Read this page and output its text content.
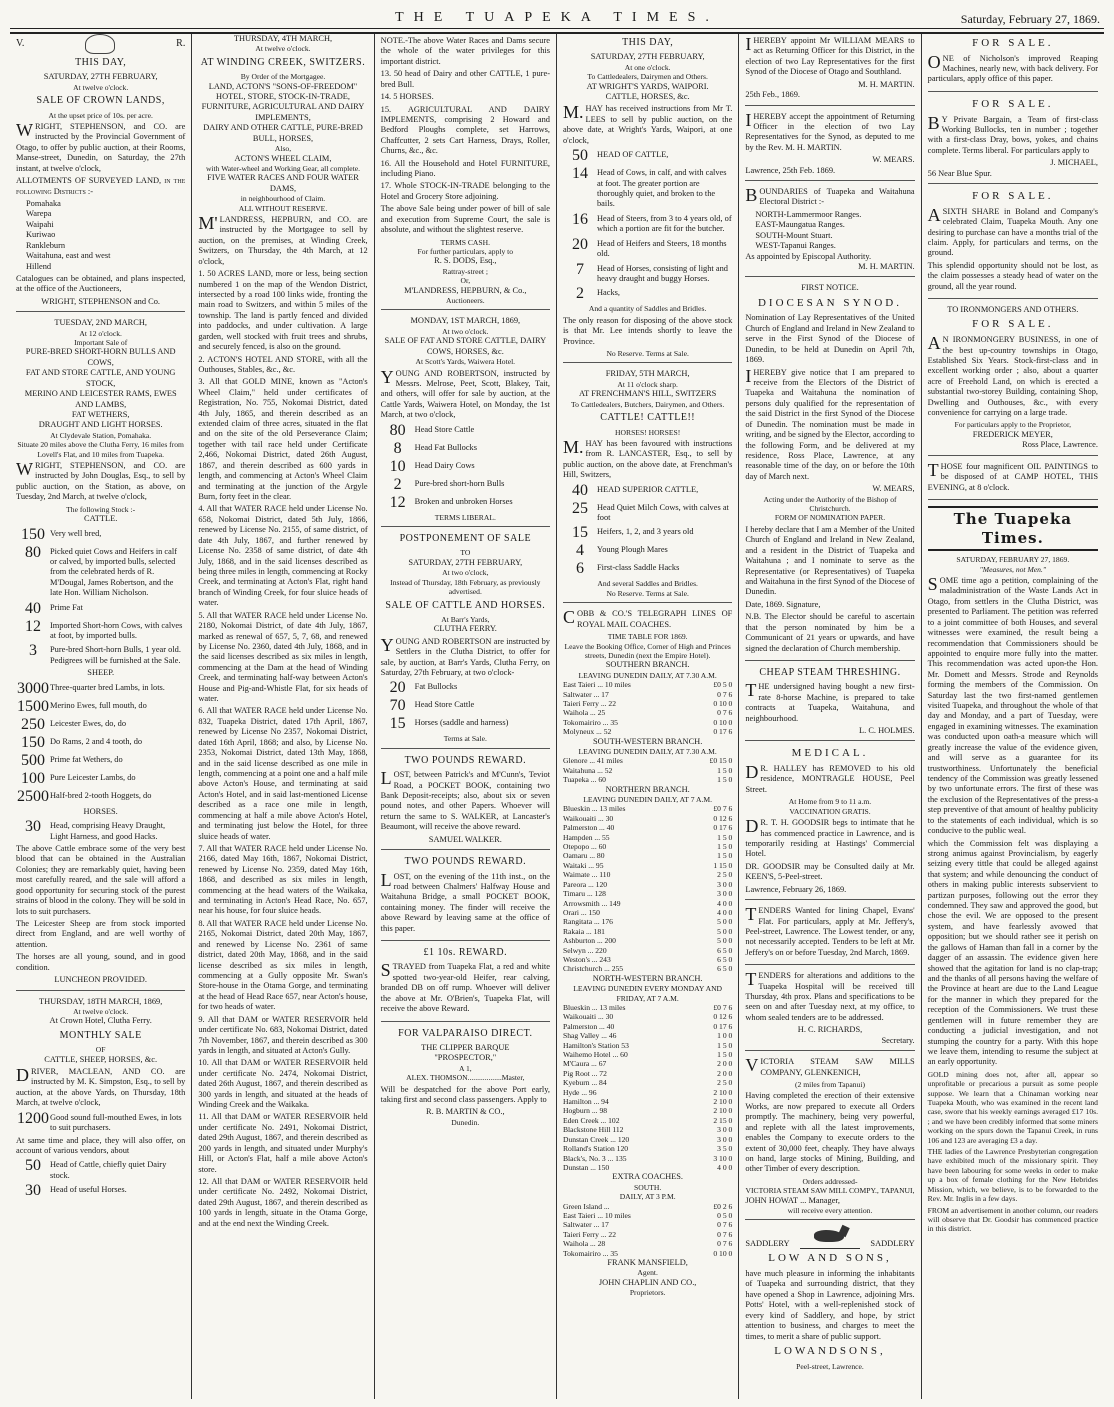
THE TUAPEKA TIMES.	Saturday, February 27, 1869.
V.	R.
THIS DAY,
SATURDAY, 27TH FEBRUARY,
At twelve o'clock.
SALE OF CROWN LANDS,
At the upset price of 10s. per acre.

WRIGHT, STEPHENSON, and CO. are instructed by the Provincial Government of Otago, to offer by public auction, at their Rooms, Manse-street, Dunedin, on Saturday, the 27th instant, at twelve o'clock,

ALLOTMENTS OF SURVEYED LAND, in the following Districts :-

Pomahaka
Warepa
Waipahi
Kuriwao
Rankleburn
Waitahuna, east and west
Hillend

Catalogues can be obtained, and plans inspected, at the office of the Auctioneers,

WRIGHT, STEPHENSON and Co.
TUESDAY, 2ND MARCH,
At 12 o'clock.
Important Sale of
PURE-BRED SHORT-HORN BULLS AND COWS,
FAT AND STORE CATTLE, AND YOUNG STOCK,
MERINO AND LEICESTER RAMS, EWES AND LAMBS,
FAT WETHERS,
DRAUGHT AND LIGHT HORSES.
At Clydevale Station, Pomahaka.
Situate 20 miles above the Clutha Ferry, 16 miles from Lovell's Flat, and 10 miles from Tuapeka.

WRIGHT, STEPHENSON, and CO. are instructed by John Douglas, Esq., to sell by public auction, on the Station, as above, on Tuesday, 2nd March, at twelve o'clock,

The following Stock :-
CATTLE.
150 Very well bred,
80	Picked quiet Cows and Heifers in calf or calved, by imported bulls, selected from the celebrated herds of R. M'Dougal, James Robertson, and the late Hon. William Nicholson.
40	Prime Fat
12	Imported Short-horn Cows, with calves at foot, by imported bulls.
3	Pure-bred Short-horn Bulls, 1 year old. Pedigrees will be furnished at the Sale.
SHEEP.
3000 Three-quarter bred Lambs, in lots.
1500 Merino Ewes, full mouth, do
250 Leicester Ewes, do, do
150 Do Rams, 2 and 4 tooth, do
500 Prime fat Wethers, do
100 Pure Leicester Lambs, do
2500 Half-bred 2-tooth Hoggets, do
HORSES.
30	Head, comprising Heavy Draught, Light Harness, and good Hacks.

The above Cattle embrace some of the very best blood that can be obtained in the Australian Colonies; they are remarkably quiet, having been most carefully reared, and the sale will afford a good opportunity for securing stock of the purest strains of blood in the colony. They will be sold in lots to suit purchasers.

The Leicester Sheep are from stock imported direct from England, and are well worthy of attention.

The horses are all young, sound, and in good condition.

LUNCHEON PROVIDED.
THURSDAY, 18TH MARCH, 1869,
At twelve o'clock.
At Crown Hotel, Clutha Ferry.
MONTHLY SALE
OF
CATTLE, SHEEP, HORSES, &c.

DRIVER, MACLEAN, AND CO. are instructed by M. K. Simpston, Esq., to sell by auction, at the above Yards, on Thursday, 18th March, at twelve o'clock,

1200 Good sound full-mouthed Ewes, in lots to suit purchasers.

At same time and place, they will also offer, on account of various vendors, about

50	Head of Cattle, chiefly quiet Dairy stock.
30	Head of useful Horses.
THURSDAY, 4TH MARCH,
At twelve o'clock.
AT WINDING CREEK, SWITZERS.
By Order of the Mortgagee.
LAND, ACTON'S "SONS-OF-FREEDOM" HOTEL, STORE, STOCK-IN-TRADE, FURNITURE, AGRICULTURAL AND DAIRY IMPLEMENTS,
DAIRY AND OTHER CATTLE, PURE-BRED BULL, HORSES,
Also,
ACTON'S WHEEL CLAIM,
with Water-wheel and Working Gear, all complete.
FIVE WATER RACES AND FOUR WATER DAMS,
in neighbourhood of Claim.
ALL WITHOUT RESERVE.

M'LANDRESS, HEPBURN, and CO. are instructed by the Mortgagee to sell by auction, on the premises, at Winding Creek, Switzers, on Thursday, the 4th March, at 12 o'clock,

1. 50 ACRES LAND, more or less, being section numbered 1 on the map of the Wendon District, intersected by a road 100 links wide, fronting the main road to Switzers, and within 5 miles of the township. The land is partly fenced and divided into paddocks, and under cultivation. A large garden, well stocked with fruit trees and shrubs, and securely fenced, is also on the ground.

2. ACTON'S HOTEL AND STORE, with all the Outhouses, Stables, &c., &c.

3. All that GOLD MINE, known as "Acton's Wheel Claim," held under certificates of Registration, No. 755, Nokomai District, dated 4th July, 1865, and therein described as an extended claim of three acres, situated in the flat and on the site of the old Perseverance Claim; together with tail race held under Certificate 2,466, Nokomai District, dated 26th August, 1867, and therein described as 600 yards in length, and commencing at Acton's Wheel Claim and terminating at the junction of the Argyle Burn, forty feet in the clear.

4. All that WATER RACE held under License No. 658, Nokomai District, dated 5th July, 1866, renewed by License No. 2155, of same district, of date 4th July, 1867, and further renewed by License No. 2358 of same district, of date 4th July, 1868, and in the said licenses described as being three miles in length, commencing at Rocky Creek, and terminating at Acton's Flat, right hand branch of Winding Creek, for four sluice heads of water.

5. All that WATER RACE held under License No. 2180, Nokomai District, of date 4th July, 1867, marked as renewal of 657, 5, 7, 68, and renewed by License No. 2360, dated 4th July, 1868, and in the said licenses described as six miles in length, commencing at the Dam at the head of Winding Creek, and terminating half-way between Acton's House and Pig-and-Whistle Flat, for six heads of water.

6. All that WATER RACE held under License No. 832, Tuapeka District, dated 17th April, 1867, renewed by License No 2357, Nokomai District, dated 16th April, 1868; and also, by License No. 2353, Nokomai District, dated 13th May, 1868, and in the said license described as one mile in length, commencing at a point one and a half mile above Acton's House, and terminating at said Acton's Hotel, and in said last-mentioned License described as a race one mile in length, commencing at half a mile above Acton's Hotel, and terminating just below the Hotel, for three sluice heads of water.

7. All that WATER RACE held under License No. 2166, dated May 16th, 1867, Nokomai District, renewed by License No. 2359, dated May 16th, 1868, and described as six miles in length, commencing at the head waters of the Waikaka, and terminating in Acton's Head Race, No. 657, near his house, for four sluice heads.

8. All that WATER RACE held under License No. 2165, Nokomai District, dated 20th May, 1867, and renewed by License No. 2361 of same district, dated 20th May, 1868, and in the said license described as six miles in length, commencing at a Gully opposite Mr. Swan's Store-house in the Otama Gorge, and terminating at the head of Head Race 657, near Acton's house, for two heads of water.

9. All that DAM or WATER RESERVOIR held under certificate No. 683, Nokomai District, dated 7th November, 1867, and therein described as 300 yards in length, and situated at Acton's Gully.

10. All that DAM or WATER RESERVOIR held under certificate No. 2474, Nokomai District, dated 26th August, 1867, and therein described as 300 yards in length, and situated at the heads of Winding Creek and the Waikaka.

11. All that DAM or WATER RESERVOIR held under certificate No. 2491, Nokomai District, dated 29th August, 1867, and therein described as 200 yards in length, and situated under Murphy's Hill, or Acton's Flat, half a mile above Acton's store.

12. All that DAM or WATER RESERVOIR held under certificate No. 2492, Nokomai District, dated 29th August, 1867, and therein described as 100 yards in length, situate in the Otama Gorge, and at the end next the Winding Creek.

NOTE.-The above Water Races and Dams secure the whole of the water privileges for this important district.

13. 50 head of Dairy and other CATTLE, 1 pure-bred Bull.

14. 5 HORSES.

15. AGRICULTURAL AND DAIRY IMPLEMENTS, comprising 2 Howard and Bedford Ploughs complete, set Harrows, Chaffcutter, 2 sets Cart Harness, Drays, Roller, Churns, &c., &c.

16. All the Household and Hotel FURNITURE, including Piano.

17. Whole STOCK-IN-TRADE belonging to the Hotel and Grocery Store adjoining.

The above Sale being under power of bill of sale and execution from Supreme Court, the sale is absolute, and without the slightest reserve.

TERMS CASH.
For further particulars, apply to
R. S. DODS, Esq.,
Rattray-street ;
Or,
M'LANDRESS, HEPBURN, & Co.,
Auctioneers.
MONDAY, 1ST MARCH, 1869,
At two o'clock.
SALE OF FAT AND STORE CATTLE, DAIRY COWS, HORSES, &c.
At Scott's Yards, Waiwera Hotel.

YOUNG AND ROBERTSON, instructed by Messrs. Melrose, Peet, Scott, Blakey, Tait, and others, will offer for sale by auction, at the Cattle Yards, Waiwera Hotel, on Monday, the 1st March, at two o'clock,

80	Head Store Cattle
8	Head Fat Bullocks
10	Head Dairy Cows
2	Pure-bred short-horn Bulls
12	Broken and unbroken Horses
TERMS LIBERAL.
POSTPONEMENT OF SALE
TO
SATURDAY, 27TH FEBRUARY,
At two o'clock,
Instead of Thursday, 18th February, as previously advertised.
SALE OF CATTLE AND HORSES.
At Barr's Yards,
CLUTHA FERRY.

YOUNG AND ROBERTSON are instructed by Settlers in the Clutha District, to offer for sale, by auction, at Barr's Yards, Clutha Ferry, on Saturday, 27th February, at two o'clock-

20	Fat Bullocks
70	Head Store Cattle
15	Horses (saddle and harness)
Terms at Sale.
TWO POUNDS REWARD.

LOST, between Patrick's and M'Cunn's, Teviot Road, a POCKET BOOK, containing two Bank Deposit-receipts; also, about six or seven pound notes, and other Papers. Whoever will return the same to S. WALKER, at Lancaster's Beaumont, will receive the above reward.

SAMUEL WALKER.
TWO POUNDS REWARD.

LOST, on the evening of the 11th inst., on the road between Chalmers' Halfway House and Waitahuna Bridge, a small POCKET BOOK, containing money. The finder will receive the above Reward by leaving same at the office of this paper.

£1 10s. REWARD.

STRAYED from Tuapeka Flat, a red and white spotted two-year-old Heifer, rear calving, branded DB on off rump. Whoever will deliver the above at Mr. O'Brien's, Tuapeka Flat, will receive the above Reward.

FOR VALPARAISO DIRECT.
THE CLIPPER BARQUE
"PROSPECTOR,"
A 1,
ALEX. THOMSON..................Master,

Will be despatched for the above Port early, taking first and second class passengers. Apply to

R. B. MARTIN & CO.,
Dunedin.
THIS DAY,
SATURDAY, 27TH FEBRUARY,
At one o'clock.
To Cattledealers, Dairymen and Others.
AT WRIGHT'S YARDS, WAIPORI.
CATTLE, HORSES, &c.

M.HAY has received instructions from Mr T. LEES to sell by public auction, on the above date, at Wright's Yards, Waipori, at one o'clock,

50	HEAD OF CATTLE,
14	Head of Cows, in calf, and with calves at foot. The greater portion are thoroughly quiet, and broken to the bails.
16	Head of Steers, from 3 to 4 years old, of which a portion are fit for the butcher.
20	Head of Heifers and Steers, 18 months old.
7	Head of Horses, consisting of light and heavy draught and buggy Horses.
2	Hacks,
And a quantity of Saddles and Bridles.

The only reason for disposing of the above stock is that Mr. Lee intends shortly to leave the Province.

No Reserve. Terms at Sale.
FRIDAY, 5TH MARCH,
At 11 o'clock sharp.
AT FRENCHMAN'S HILL, SWITZERS
To Cattledealers, Butchers, Dairymen, and Others.
CATTLE! CATTLE!!
HORSES! HORSES!

M.HAY has been favoured with instructions from R. LANCASTER, Esq., to sell by public auction, on the above date, at Frenchman's Hill, Switzers,

40	HEAD SUPERIOR CATTLE,
25	Head Quiet Milch Cows, with calves at foot
15	Heifers, 1, 2, and 3 years old
4	Young Plough Mares
6	First-class Saddle Hacks
And several Saddles and Bridles.
No Reserve. Terms at Sale.

COBB & CO.'S TELEGRAPH LINES OF ROYAL MAIL COACHES.

TIME TABLE FOR 1869.
Leave the Booking Office, Corner of High and Princes streets, Dunedin (next the Empire Hotel).
SOUTHERN BRANCH.
LEAVING DUNEDIN DAILY, AT 7.30 A.M.
East Taieri ... 10 miles	£0 5 0
Saltwater ... 17	0 7 6
Taieri Ferry ... 22	0 10 0
Waihola ... 25	0 7 6
Tokomairiro ... 35	0 10 0
Molyneux ... 52	0 17 6
SOUTH-WESTERN BRANCH.
LEAVING DUNEDIN DAILY, AT 7.30 A.M.
Glenore ... 41 miles	£0 15 0
Waitahuna ... 52	1 5 0
Tuapeka ... 60	1 5 0
NORTHERN BRANCH.
LEAVING DUNEDIN DAILY, AT 7 A.M.
Blueskin ... 13 miles	£0 7 6
Waikouaiti ... 30	0 12 6
Palmerston ... 40	0 17 6
Hampden ... 55	1 5 0
Otepopo ... 60	1 5 0
Oamaru ... 80	1 5 0
Waitaki ... 95	1 15 0
Waimate ... 110	2 5 0
Pareora ... 120	3 0 0
Timaru ... 128	3 0 0
Arrowsmith ... 149	4 0 0
Orari ... 150	4 0 0
Rangitata ... 176	5 0 0
Rakaia ... 181	5 0 0
Ashburton ... 200	5 0 0
Selwyn ... 220	6 5 0
Weston's ... 243	6 5 0
Christchurch ... 255	6 5 0
NORTH-WESTERN BRANCH.
LEAVING DUNEDIN EVERY MONDAY AND FRIDAY, AT 7 A.M.
Blueskin ... 13 miles	£0 7 6
Waikouaiti ... 30	0 12 6
Palmerston ... 40	0 17 6
Shag Valley ... 46	1 0 0
Hamilton's Station 53	1 5 0
Waihemo Hotel ... 60	1 5 0
M'Caura ... 67	2 0 0
Pig Root ... 72	2 0 0
Kyeburn ... 84	2 5 0
Hyde ... 96	2 10 0
Hamilton ... 94	2 10 0
Hogburn ... 98	2 10 0
Eden Creek ... 102	2 15 0
Blackstone Hill 112	3 0 0
Dunstan Creek ... 120	3 0 0
Rolland's Station 120	3 5 0
Black's, No. 3 ... 135	3 10 0
Dunstan ... 150	4 0 0
EXTRA COACHES.
SOUTH.
DAILY, AT 3 P.M.
Green Island ...	£0 2 6
East Taieri ... 10 miles	0 5 0
Saltwater ... 17	0 7 6
Taieri Ferry ... 22	0 7 6
Waihola ... 28	0 7 6
Tokomairiro ... 35	0 10 0
FRANK MANSFIELD,
Agent.
JOHN CHAPLIN AND CO.,
Proprietors.

IHEREBY appoint Mr WILLIAM MEARS to act as Returning Officer for this District, in the election of two Lay Representatives for the first Synod of the Diocese of Otago and Southland.

M. H. MARTIN.
25th Feb., 1869.

IHEREBY accept the appointment of Returning Officer in the election of two Lay Representatives for the Synod, as deputed to me by the Rev. M. H. MARTIN.

W. MEARS.
Lawrence, 25th Feb. 1869.

BOUNDARIES of Tuapeka and Waitahuna Electoral District :-

NORTH-Lammermoor Ranges.
EAST-Maungatua Ranges.
SOUTH-Mount Stuart.
WEST-Tapanui Ranges.
As appointed by Episcopal Authority.
M. H. MARTIN.
FIRST NOTICE.
DIOCESAN SYNOD.

Nomination of Lay Representatives of the United Church of England and Ireland in New Zealand to serve in the First Synod of the Diocese of Dunedin, to be held at Dunedin on April 7th, 1869.

IHEREBY give notice that I am prepared to receive from the Electors of the District of Tuapeka and Waitahuna the nomination of persons duly qualified for the representation of the said District in the first Synod of the Diocese of Dunedin. The nomination must be made in writing, and be signed by the Elector, according to the following Form, and be delivered at my residence, Ross Place, Lawrence, at any reasonable time of the day, on or before the 10th day of March next.

W. MEARS,
Acting under the Authority of the Bishop of Christchurch.
FORM OF NOMINATION PAPER.

I hereby declare that I am a Member of the United Church of England and Ireland in New Zealand, and a resident in the District of Tuapeka and Waitahuna ; and I nominate to serve as the Representative (or Representatives) of Tuapeka and Waitahuna in the first Synod of the Diocese of Dunedin.

Date, 1869. Signature,

N.B. The Elector should be careful to ascertain that the person nominated by him be a Communicant of 21 years or upwards, and have signed the declaration of Church membership.

CHEAP STEAM THRESHING.

THE undersigned having bought a new first-rate 8-horse Machine, is prepared to take contracts at Tuapeka, Waitahuna, and neighbourhood.

L. C. HOLMES.
MEDICAL.

DR. HALLEY has REMOVED to his old residence, MONTRAGLE HOUSE, Peel Street.

At Home from 9 to 11 a.m.
VACCINATION GRATIS.

DR. T. H. GOODSIR begs to intimate that he has commenced practice in Lawrence, and is temporarily residing at Hastings' Commercial Hotel.

DR. GOODSIR may be Consulted daily at Mr. KEEN'S, 5-Peel-street.

Lawrence, February 26, 1869.

TENDERS Wanted for lining Chapel, Evans' Flat. For particulars, apply at Mr. Jeffery's, Peel-street, Lawrence. The Lowest tender, or any, not necessarily accepted. Tenders to be left at Mr. Jeffery's on or before Tuesday, 2nd March, 1869.

TENDERS for alterations and additions to the Tuapeka Hospital will be received till Thursday, 4th prox. Plans and specifications to be seen on and after Tuesday next, at my office, to whom sealed tenders are to be addressed.

H. C. RICHARDS,
Secretary.

VICTORIA STEAM SAW MILLS COMPANY, GLENKENICH,

(2 miles from Tapanui)

Having completed the erection of their extensive Works, are now prepared to execute all Orders promptly. The machinery, being very powerful, and replete with all the latest improvements, enables the Company to execute orders to the extent of 30,000 feet, cheaply. They have always on hand, large stocks of Mining, Building, and other Timber of every description.

Orders addressed-
VICTORIA STEAM SAW MILL COMPY., TAPANUI,
JOHN HOWAT ... Manager,
will receive every attention.
SADDLERY	SADDLERY
LOW AND SONS,

have much pleasure in informing the inhabitants of Tuapeka and surrounding district, that they have opened a Shop in Lawrence, adjoining Mrs. Potts' Hotel, with a well-replenished stock of every kind of Saddlery, and hope, by strict attention to business, and charges to meet the times, to merit a share of public support.

LOWANDSONS,
Peel-street, Lawrence.
FOR SALE.

ONE of Nicholson's improved Reaping Machines, nearly new, with back delivery. For particulars, apply office of this paper.

FOR SALE.

BY Private Bargain, a Team of first-class Working Bullocks, ten in number ; together with a first-class Dray, bows, yokes, and chains complete. Terms liberal. For particulars apply to

J. MICHAEL,
56 Near Blue Spur.
FOR SALE.

ASIXTH SHARE in Boland and Company's celebrated Claim, Tuapeka Mouth. Any one desiring to purchase can have a months trial of the claim. Apply, for particulars and terms, on the ground.

This splendid opportunity should not be lost, as the claim possesses a steady head of water on the ground, all the year round.

TO IRONMONGERS AND OTHERS.
FOR SALE.

AN IRONMONGERY BUSINESS, in one of the best up-country townships in Otago, Established Six Years. Stock-first-class and in excellent working order ; also, about a quarter acre of Freehold Land, on which is erected a substantial two-storey Building, containing Shop, Dwelling and Outhouses, &c., with every convenience for carrying on a large trade.

For particulars apply to the Proprietor,
FREDERICK MEYER,
Ross Place, Lawrence.

THOSE four magnificent OIL PAINTINGS to be disposed of at CAMP HOTEL, THIS EVENING, at 8 o'clock.

The Tuapeka Times.
SATURDAY, FEBRUARY 27, 1869.
"Measures, not Men."

SOME time ago a petition, complaining of the maladministration of the Waste Lands Act in Otago, from settlers in the Clutha District, was presented to Parliament. The petition was referred to a joint committee of both Houses, and several witnesses were examined, the result being a recommendation that Commissioners should be appointed to enquire more fully into the matter. This recommendation was acted upon-the Hon. Mr. Domett and Messrs. Strode and Reynolds forming the members of the Commission. On Saturday last the two first-named gentlemen visited Tuapeka, and throughout the whole of that day and Monday, and a part of Tuesday, were engaged in examining witnesses. The examination was conducted upon oath-a measure which will greatly increase the value of the evidence given, and will serve as a guarantee for its trustworthiness. Unfortunately the beneficial tendency of the Commission was greatly lessened by two unfortunate errors. The first of these was the exclusion of the Representatives of the press-a step preventive of that amount of healthy publicity to the statements of each individual, which is so conducive to the public weal.

which the Commission felt was displaying a strong animus against Provincialism, by eagerly seizing every tittle that could be alleged against that system; and while denouncing the conduct of others in making public interests subservient to partizan purposes, following out the error they condemned. They saw and approved the good, but chose the evil. We are opposed to the present system, and have fearlessly avowed that opposition; but we should rather see it perish on the gallows of Haman than fall in a corner by the dagger of an assassin. The evidence given here showed that the agitation for land is no clap-trap; and the thanks of all persons having the welfare of the Province at heart are due to the Land League for the manner in which they prepared for the reception of the Commissioners. We trust these gentlemen will in future remember they are conducting a judicial investigation, and not stumping the country for a party. With this hope we leave them, intending to resume the subject at an early opportunity.

GOLD mining does not, after all, appear so unprofitable or precarious a pursuit as some people suppose. We learn that a Chinaman working near Tuapeka Mouth, who was examined in the recent land case, swore that his weekly earnings averaged £17 10s. ; and we have been credibly informed that some miners working on the spurs down the Tapanui Creek, in runs 106 and 123 are averaging £3 a day.

THE ladies of the Lawrence Presbyterian congregation have exhibited much of the missionary spirit. They have been labouring for some weeks in order to make up a box of female clothing for the New Hebrides Mission, which, we believe, is to be forwarded to the Rev. Mr. Inglis in a few days.

FROM an advertisement in another column, our readers will observe that Dr. Goodsir has commenced practice in this district.
